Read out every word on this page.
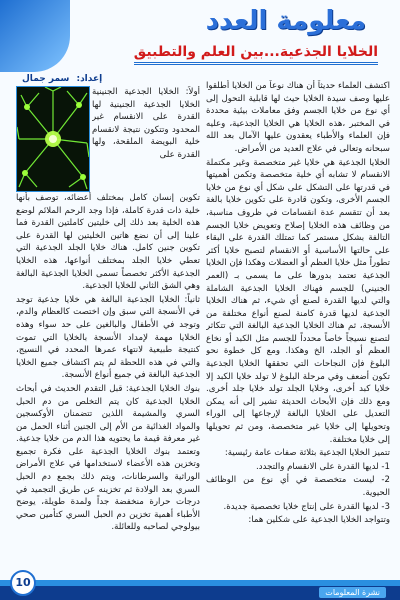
معلومة العدد
الخلايا الجذعية...بين العلم والتطبيق
إعداد: سمر جمال

أولاً: الخلايا الجذعية الجنينية الخلايا الجذعية الجنينية لها القدرة على الانقسام غير المحدود وتتكون نتيجة لانقسام خلية البويضة الملقحة، ولها القدرة على

تكوين إنسان كامل بمختلف أعضائه، توصف بأنها خلية ذات قدرة كاملة، فإذا وجد الرحم الملائم لوضع هذه الخلية بعد ذلك إلى خليتين كاملتين القدرة فما علينا إلى أن نضع هاتين الخليتين لها القدرة على تكوين جنين كامل. هناك خلايا الجلد الجذعية التي تعطي خلايا الجلد بمختلف أنواعها، هذه الخلايا الجذعية الأكثر تخصصاً تسمى الخلايا الجذعية البالغة وهي الشق الثاني للخلايا الجذعية.

ثانياً: الخلايا الجذعية البالغة هي خلايا جذعية توجد في الأنسجة التي سبق وإن اختصت كالعظام والدم، وتوجد في الأطفال والبالغين على حد سواء وهذه الخلايا مهمة لإمداد الأنسجة بالخلايا التي تموت كنتيجة طبيعية لانتهاء عمرها المحدد في النسيج، والتي في هذه اللحظة لم يتم اكتشاف جميع الخلايا الجذعية البالغة في جميع أنواع الأنسجة.

بنوك الخلايا الجذعية: قبل التقدم الحديث في أبحاث الخلايا الجذعية كان يتم التخلص من دم الحبل السري والمشيمة اللذين تتضمنان الأوكسجين والمواد الغذائية من الأم إلى الجنين أثناء الحمل من غير معرفة قيمة ما يحتويه هذا الدم من خلايا جذعية. وتعتمد بنوك الخلايا الجذعية على فكرة تجميع وتخزين هذه الأعضاء لاستخدامها في علاج الأمراض الوراثية والسرطانات، ويتم ذلك بجمع دم الحبل السري بعد الولادة ثم تخزينه عن طريق التجميد في درجات حرارة منخفضة جداً ولمدة طويلة، يوضح الأطباء أهمية تخزين دم الحبل السري كتأمين صحي بيولوجي لصاحبه وللعائلة.

اكتشف العلماء حديثاً أن هناك نوعاً من الخلايا أطلقوا عليها وصف سيدة الخلايا حيث لها قابلية التحول إلى أي نوع من خلايا الجسم وفق معاملات بيئية محددة في المختبر ،هذه الخلايا هي الخلايا الجذعية، وعليه فإن العلماء والأطباء يعقدون عليها الآمال بعد الله سبحانه وتعالى في علاج العديد من الأمراض.

الخلايا الجذعية هي خلايا غير متخصصة وغير مكتملة الانقسام لا تشابه أي خلية متخصصة وتكمن أهميتها في قدرتها على التشكل على شكل أي نوع من خلايا الجسم الأخرى، وتكون قادرة على تكوين خلايا بالغة بعد أن تتقسم عدة انقسامات في ظروف مناسبة، من وظائف هذه الخلايا إصلاح وتعويض خلايا الجسم التالفة بشكل مستمر كما تمتلك القدرة على البقاء على حالتها الأساسية أو الانقسام لتصبح خلايا أكثر تطوراً مثل خلايا العظم أو العضلات وهكذا فإن الخلايا الجذعية تعتمد بدورها على ما يسمى بـ (العمر الجنيني) للجسم فهناك الخلايا الجذعية الشاملة والتي لديها القدرة لصنع أي شيء، ثم هناك الخلايا الجذعية لديها قدرة كامنة لصنع أنواع مختلفة من الأنسجة، ثم هناك الخلايا الجذعية البالغة التي تتكاثر لتصنع نسيجاً خاصاً محدداً للجسم مثل الكبد أو نخاع العظم أو الجلد، الخ وهكذا. ومع كل خطوة نحو البلوغ فإن النجاحات التي تحققها الخلايا الجذعية تكون أضعف وفي مرحلة البلوغ لا تولد خلايا الكبد إلا خلايا كبد أخرى، وخلايا الجلد تولد خلايا جلد أخرى. ومع ذلك فإن الأبحاث الحديثة تشير إلى أنه يمكن التعديل على الخلايا البالغة لإرجاعها إلى الوراء وتحويلها إلى خلايا غير متخصصة، ومن ثم تحويلها إلى خلايا مختلفة.

تتميز الخلايا الجذعية بثلاثة صفات عامة رئيسية:

1- لديها القدرة على الانقسام والتجدد.

2- ليست متخصصة في أي نوع من الوظائف الحيوية.

3- لديها القدرة على إنتاج خلايا تخصصية جديدة.

وتتواجد الخلايا الجذعية على شكلين هما:

نشرة المعلومات
10
